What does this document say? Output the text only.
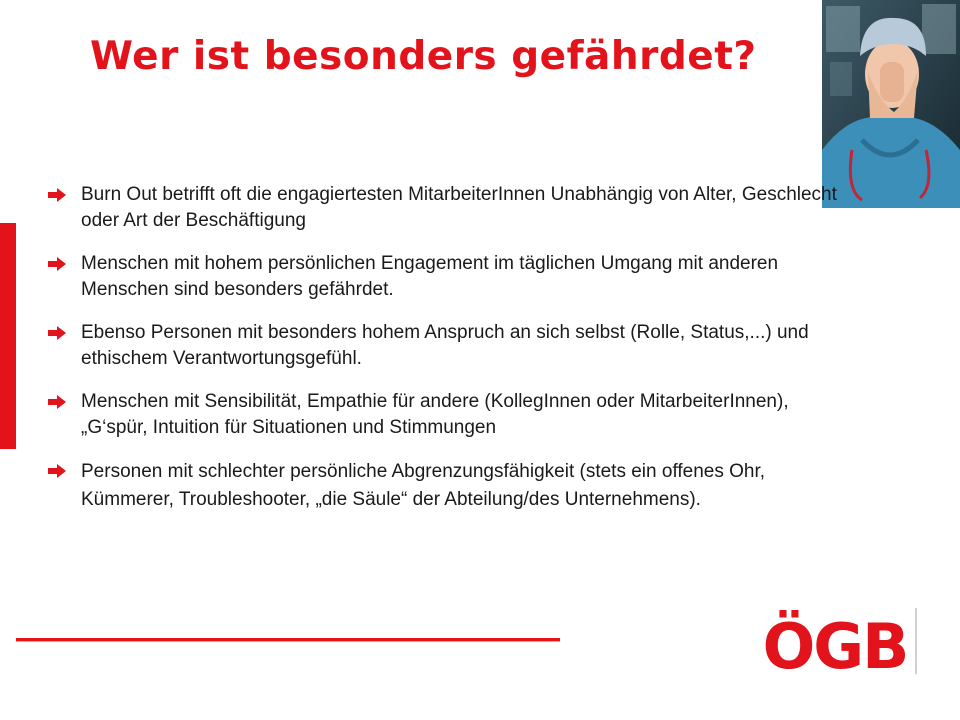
Wer ist besonders gefährdet?
Burn Out betrifft oft die engagiertesten MitarbeiterInnen Unabhängig von Alter, Geschlecht oder Art der Beschäftigung
Menschen mit hohem persönlichen Engagement im täglichen Umgang mit anderen Menschen sind besonders gefährdet.
Ebenso Personen mit besonders hohem Anspruch an sich selbst (Rolle, Status,...) und ethischem Verantwortungsgefühl.
Menschen mit Sensibilität, Empathie für andere (KollegInnen oder MitarbeiterInnen), „G‘spür, Intuition für Situationen und Stimmungen
Personen mit schlechter persönliche Abgrenzungsfähigkeit (stets ein offenes Ohr, Kümmerer, Troubleshooter, „die Säule“ der Abteilung/des Unternehmens).
ÖGB
